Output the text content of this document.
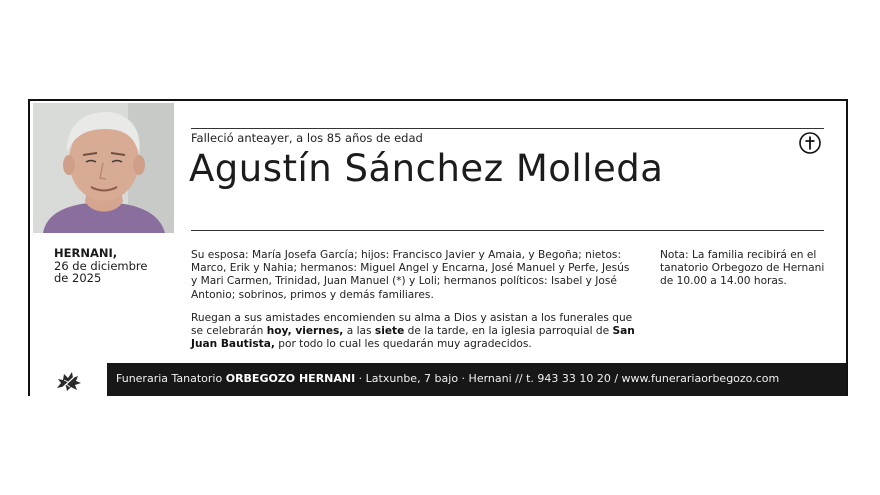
Falleció anteayer, a los 85 años de edad
Agustín Sánchez Molleda
HERNANI,
26 de diciembre
de 2025
Su esposa: María Josefa García; hijos: Francisco Javier y Amaia, y Begoña; nietos: Marco, Erik y Nahia; hermanos: Miguel Angel y Encarna, José Manuel y Perfe, Jesús y Mari Carmen, Trinidad, Juan Manuel (*) y Loli; hermanos políticos: Isabel y José Antonio; sobrinos, primos y demás familiares.
Ruegan a sus amistades encomienden su alma a Dios y asistan a los funerales que se celebrarán hoy, viernes, a las siete de la tarde, en la iglesia parroquial de San Juan Bautista, por todo lo cual les quedarán muy agradecidos.
Nota: La familia recibirá en el tanatorio Orbegozo de Hernani de 10.00 a 14.00 horas.
Funeraria Tanatorio ORBEGOZO HERNANI · Latxunbe, 7 bajo · Hernani // t. 943 33 10 20 / www.funerariaorbegozo.com
